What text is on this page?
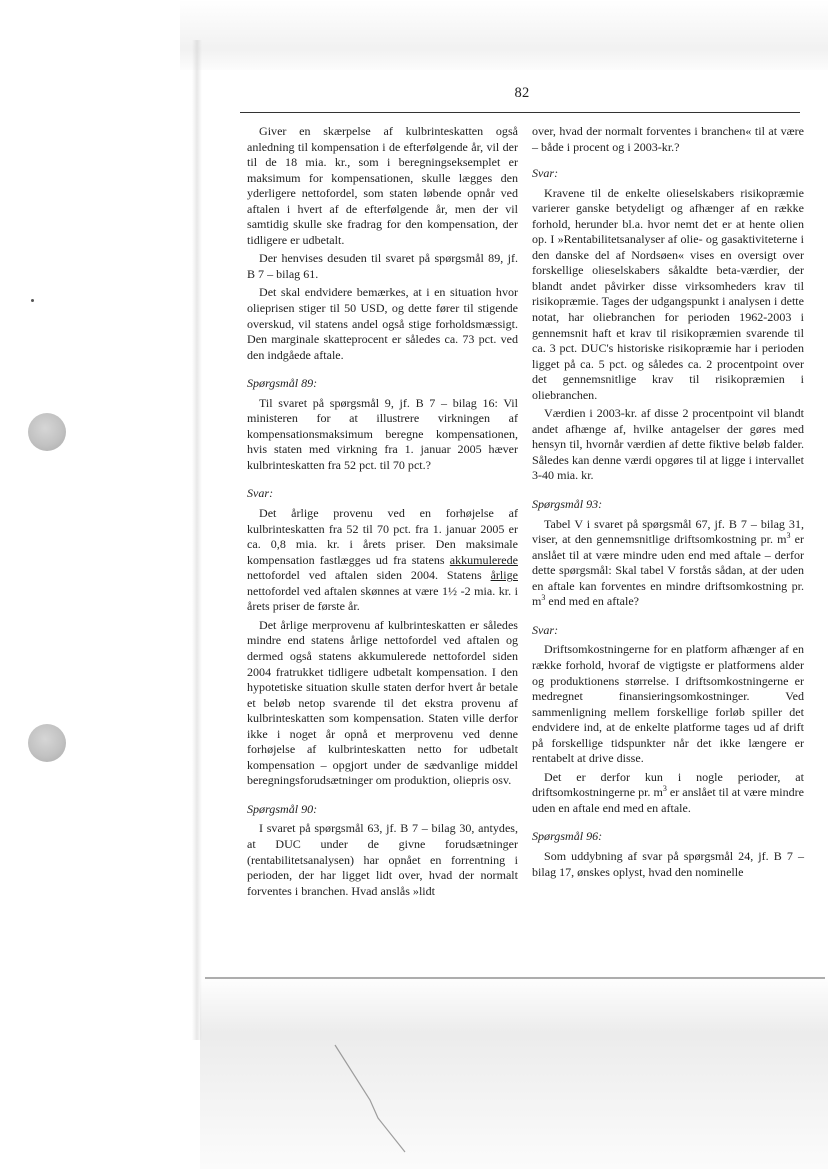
82

Giver en skærpelse af kulbrinteskatten også anledning til kompensation i de efterfølgende år, vil der til de 18 mia. kr., som i beregningseksemplet er maksimum for kompensationen, skulle lægges den yderligere nettofordel, som staten løbende opnår ved aftalen i hvert af de efterfølgende år, men der vil samtidig skulle ske fradrag for den kompensation, der tidligere er udbetalt.

Der henvises desuden til svaret på spørgsmål 89, jf. B 7 – bilag 61.

Det skal endvidere bemærkes, at i en situation hvor olieprisen stiger til 50 USD, og dette fører til stigende overskud, vil statens andel også stige forholdsmæssigt. Den marginale skatteprocent er således ca. 73 pct. ved den indgåede aftale.

Spørgsmål 89:

Til svaret på spørgsmål 9, jf. B 7 – bilag 16: Vil ministeren for at illustrere virkningen af kompensationsmaksimum beregne kompensationen, hvis staten med virkning fra 1. januar 2005 hæver kulbrinteskatten fra 52 pct. til 70 pct.?

Svar:

Det årlige provenu ved en forhøjelse af kulbrinteskatten fra 52 til 70 pct. fra 1. januar 2005 er ca. 0,8 mia. kr. i årets priser. Den maksimale kompensation fastlægges ud fra statens akkumulerede nettofordel ved aftalen siden 2004. Statens årlige nettofordel ved aftalen skønnes at være 1½ -2 mia. kr. i årets priser de første år.

Det årlige merprovenu af kulbrinteskatten er således mindre end statens årlige nettofordel ved aftalen og dermed også statens akkumulerede nettofordel siden 2004 fratrukket tidligere udbetalt kompensation. I den hypotetiske situation skulle staten derfor hvert år betale et beløb netop svarende til det ekstra provenu af kulbrinteskatten som kompensation. Staten ville derfor ikke i noget år opnå et merprovenu ved denne forhøjelse af kulbrinteskatten netto for udbetalt kompensation – opgjort under de sædvanlige middel beregningsforudsætninger om produktion, oliepris osv.

Spørgsmål 90:

I svaret på spørgsmål 63, jf. B 7 – bilag 30, antydes, at DUC under de givne forudsætninger (rentabilitetsanalysen) har opnået en forrentning i perioden, der har ligget lidt over, hvad der normalt forventes i branchen. Hvad anslås »lidt

over, hvad der normalt forventes i branchen« til at være – både i procent og i 2003-kr.?

Svar:

Kravene til de enkelte olieselskabers risikopræmie varierer ganske betydeligt og afhænger af en række forhold, herunder bl.a. hvor nemt det er at hente olien op. I »Rentabilitetsanalyser af olie- og gasaktiviteterne i den danske del af Nordsøen« vises en oversigt over forskellige olieselskabers såkaldte beta-værdier, der blandt andet påvirker disse virksomheders krav til risikopræmie. Tages der udgangspunkt i analysen i dette notat, har oliebranchen for perioden 1962-2003 i gennemsnit haft et krav til risikopræmien svarende til ca. 3 pct. DUC's historiske risikopræmie har i perioden ligget på ca. 5 pct. og således ca. 2 procentpoint over det gennemsnitlige krav til risikopræmien i oliebranchen.

Værdien i 2003-kr. af disse 2 procentpoint vil blandt andet afhænge af, hvilke antagelser der gøres med hensyn til, hvornår værdien af dette fiktive beløb falder. Således kan denne værdi opgøres til at ligge i intervallet 3-40 mia. kr.

Spørgsmål 93:

Tabel V i svaret på spørgsmål 67, jf. B 7 – bilag 31, viser, at den gennemsnitlige driftsomkostning pr. $m^3$ er anslået til at være mindre uden end med aftale – derfor dette spørgsmål: Skal tabel V forstås sådan, at der uden en aftale kan forventes en mindre driftsomkostning pr. $m^3$ end med en aftale?

Svar:

Driftsomkostningerne for en platform afhænger af en række forhold, hvoraf de vigtigste er platformens alder og produktionens størrelse. I driftsomkostningerne er medregnet finansieringsomkostninger. Ved sammenligning mellem forskellige forløb spiller det endvidere ind, at de enkelte platforme tages ud af drift på forskellige tidspunkter når det ikke længere er rentabelt at drive disse.

Det er derfor kun i nogle perioder, at driftsomkostningerne pr. $m^3$ er anslået til at være mindre uden en aftale end med en aftale.

Spørgsmål 96:

Som uddybning af svar på spørgsmål 24, jf. B 7 – bilag 17, ønskes oplyst, hvad den nominelle
